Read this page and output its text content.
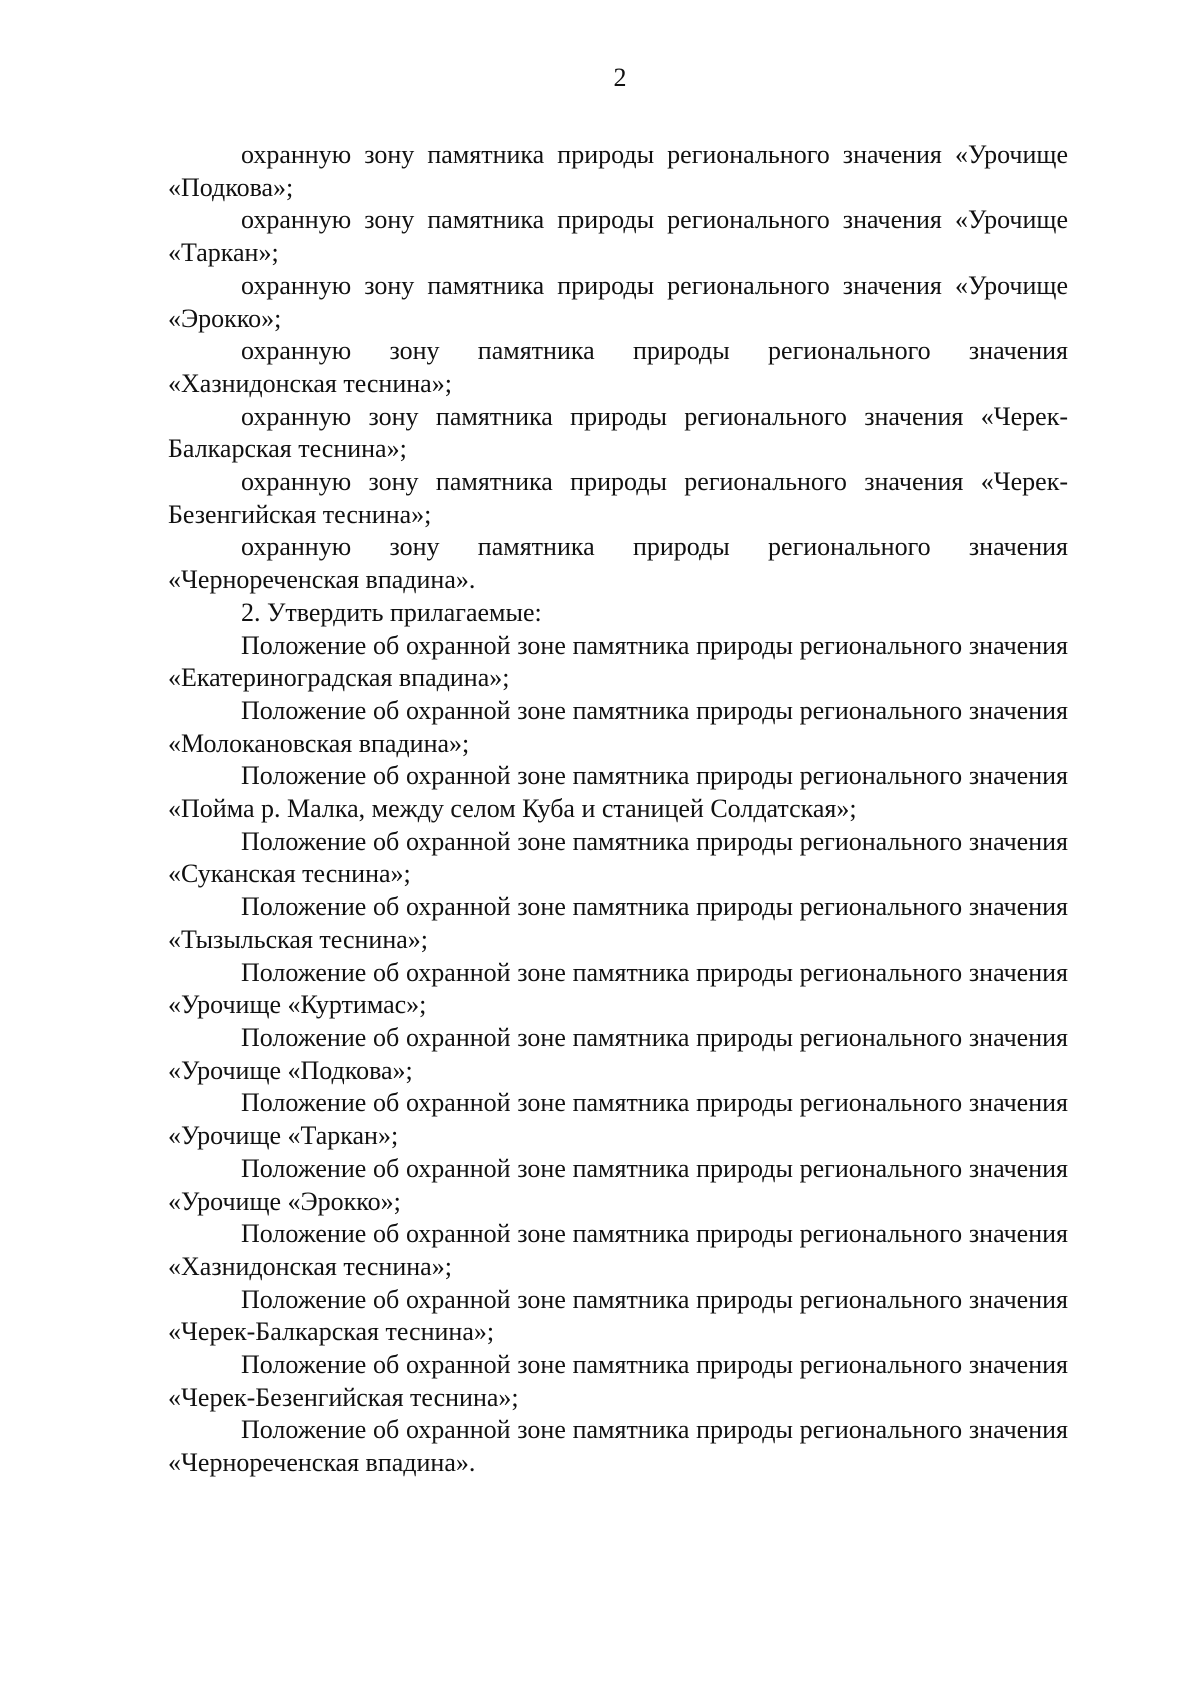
2

охранную зону памятника природы регионального значения «Урочище «Подкова»;

охранную зону памятника природы регионального значения «Урочище «Таркан»;

охранную зону памятника природы регионального значения «Урочище «Эрокко»;

охранную зону памятника природы регионального значения «Хазнидонская теснина»;

охранную зону памятника природы регионального значения «Черек-Балкарская теснина»;

охранную зону памятника природы регионального значения «Черек-Безенгийская теснина»;

охранную зону памятника природы регионального значения «Чернореченская впадина».

2. Утвердить прилагаемые:

Положение об охранной зоне памятника природы регионального значения «Екатериноградская впадина»;

Положение об охранной зоне памятника природы регионального значения «Молокановская впадина»;

Положение об охранной зоне памятника природы регионального значения «Пойма р. Малка, между селом Куба и станицей Солдатская»;

Положение об охранной зоне памятника природы регионального значения «Суканская теснина»;

Положение об охранной зоне памятника природы регионального значения «Тызыльская теснина»;

Положение об охранной зоне памятника природы регионального значения «Урочище «Куртимас»;

Положение об охранной зоне памятника природы регионального значения «Урочище «Подкова»;

Положение об охранной зоне памятника природы регионального значения «Урочище «Таркан»;

Положение об охранной зоне памятника природы регионального значения «Урочище «Эрокко»;

Положение об охранной зоне памятника природы регионального значения «Хазнидонская теснина»;

Положение об охранной зоне памятника природы регионального значения «Черек-Балкарская теснина»;

Положение об охранной зоне памятника природы регионального значения «Черек-Безенгийская теснина»;

Положение об охранной зоне памятника природы регионального значения «Чернореченская впадина».
